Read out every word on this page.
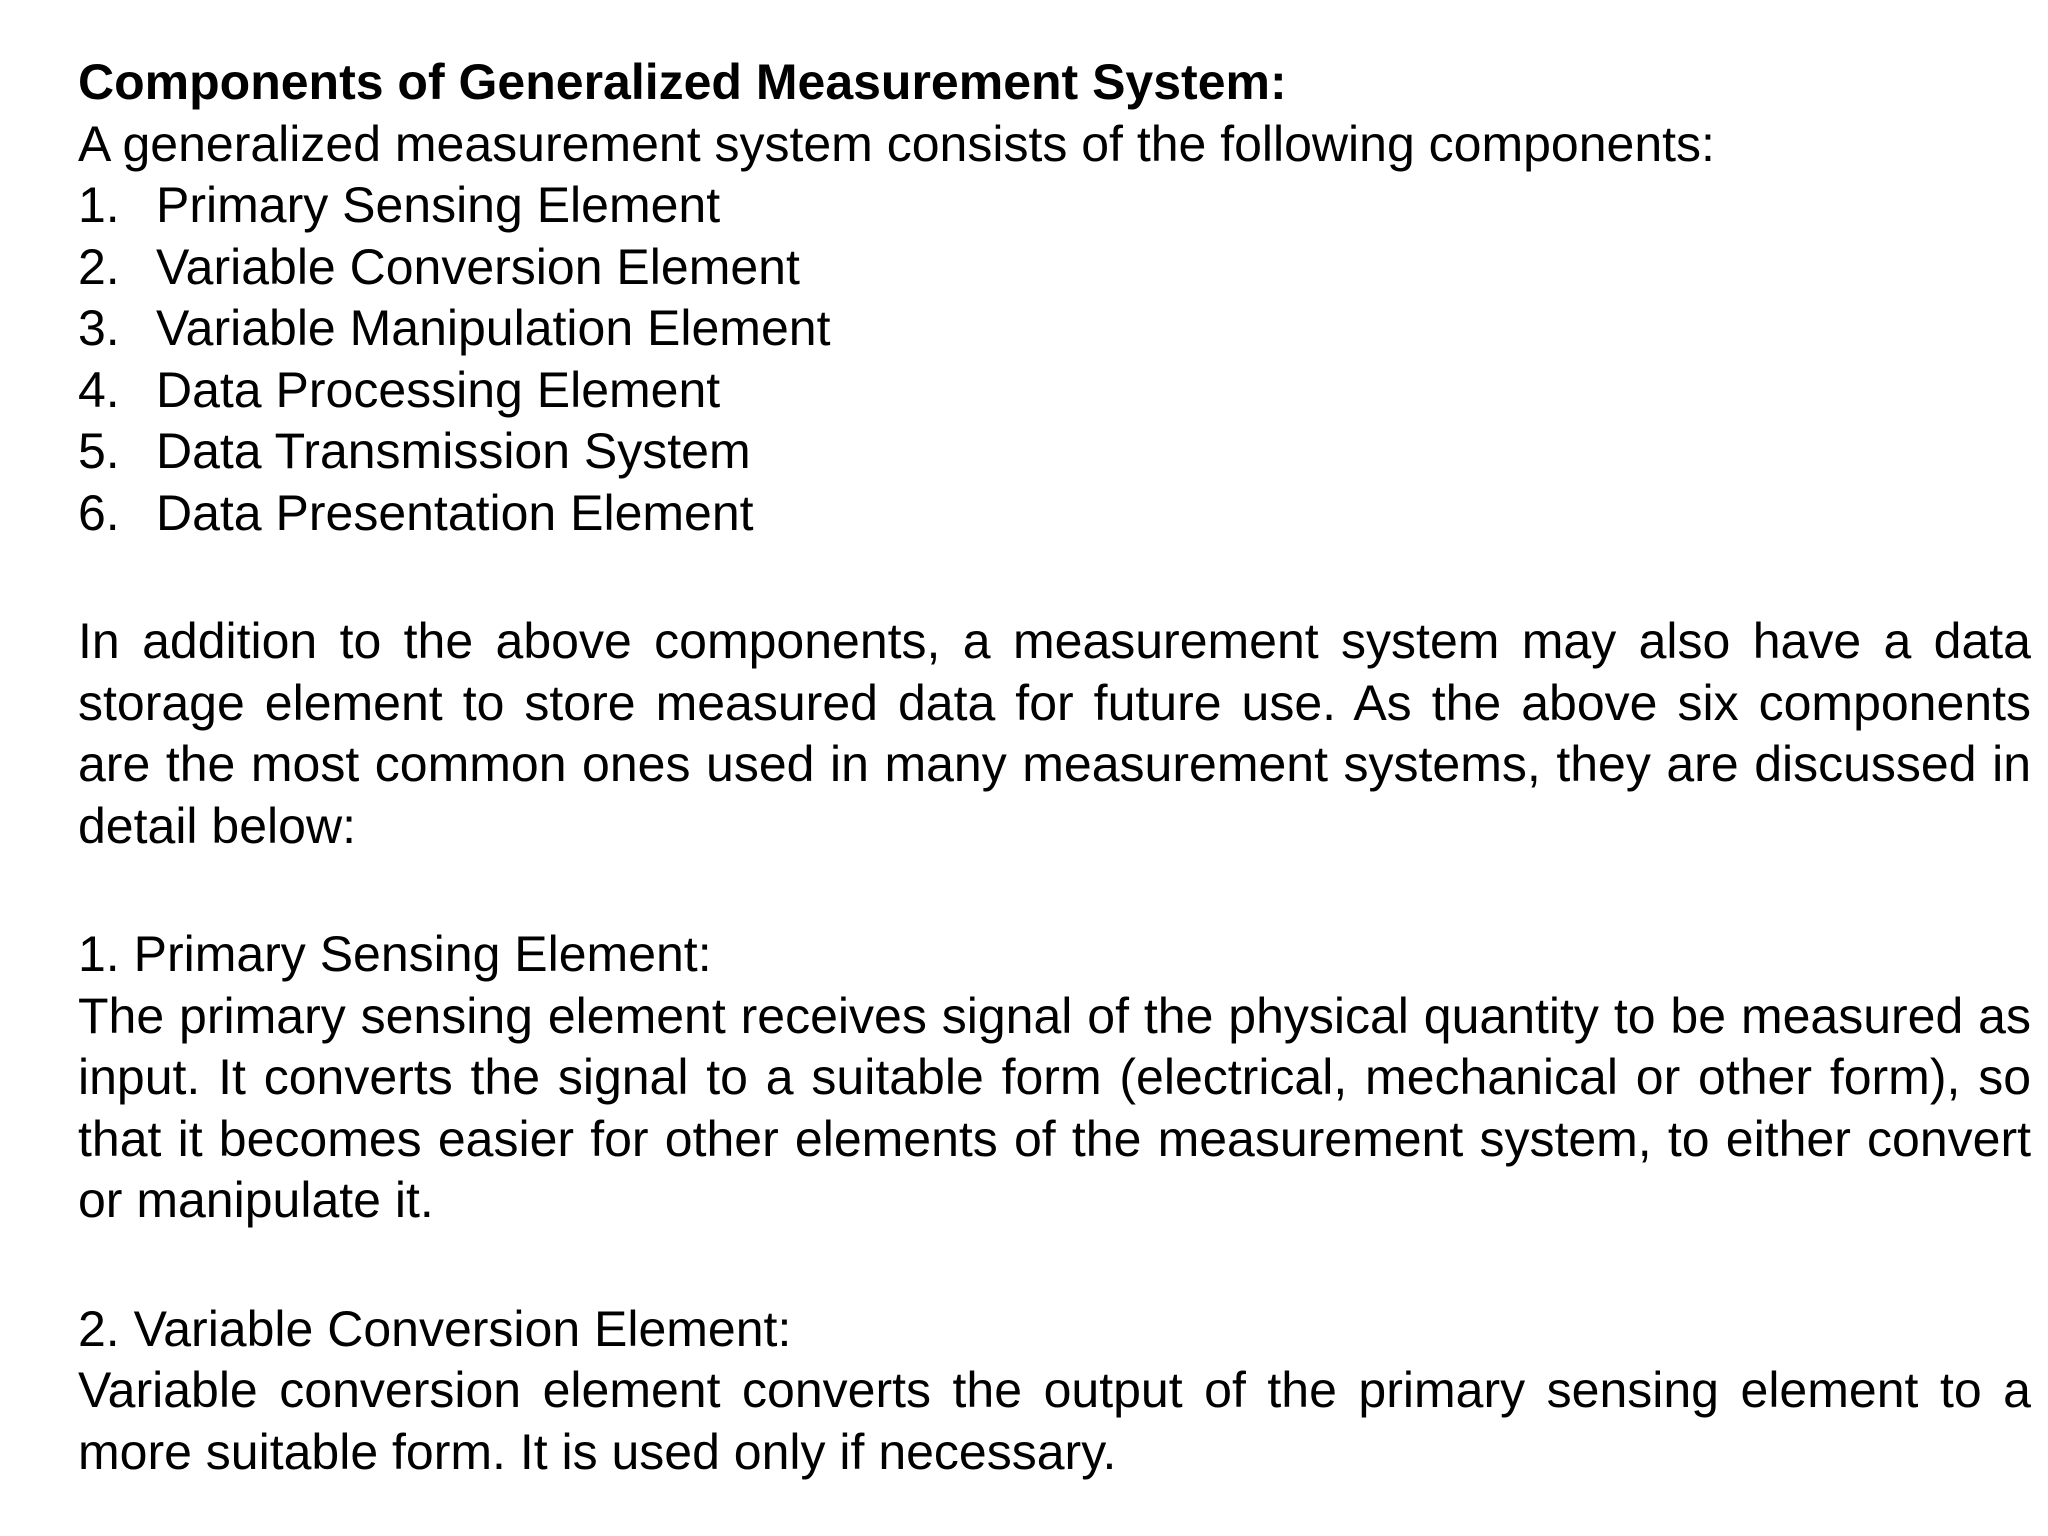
Components of Generalized Measurement System:

A generalized measurement system consists of the following components:

1. Primary Sensing Element
2. Variable Conversion Element
3. Variable Manipulation Element
4. Data Processing Element
5. Data Transmission System
6. Data Presentation Element

In addition to the above components, a measurement system may also have a data storage element to store measured data for future use. As the above six components are the most common ones used in many measurement systems, they are discussed in detail below:

1. Primary Sensing Element:

The primary sensing element receives signal of the physical quantity to be measured as input. It converts the signal to a suitable form (electrical, mechanical or other form), so that it becomes easier for other elements of the measurement system, to either convert or manipulate it.

2. Variable Conversion Element:

Variable conversion element converts the output of the primary sensing element to a more suitable form. It is used only if necessary.
